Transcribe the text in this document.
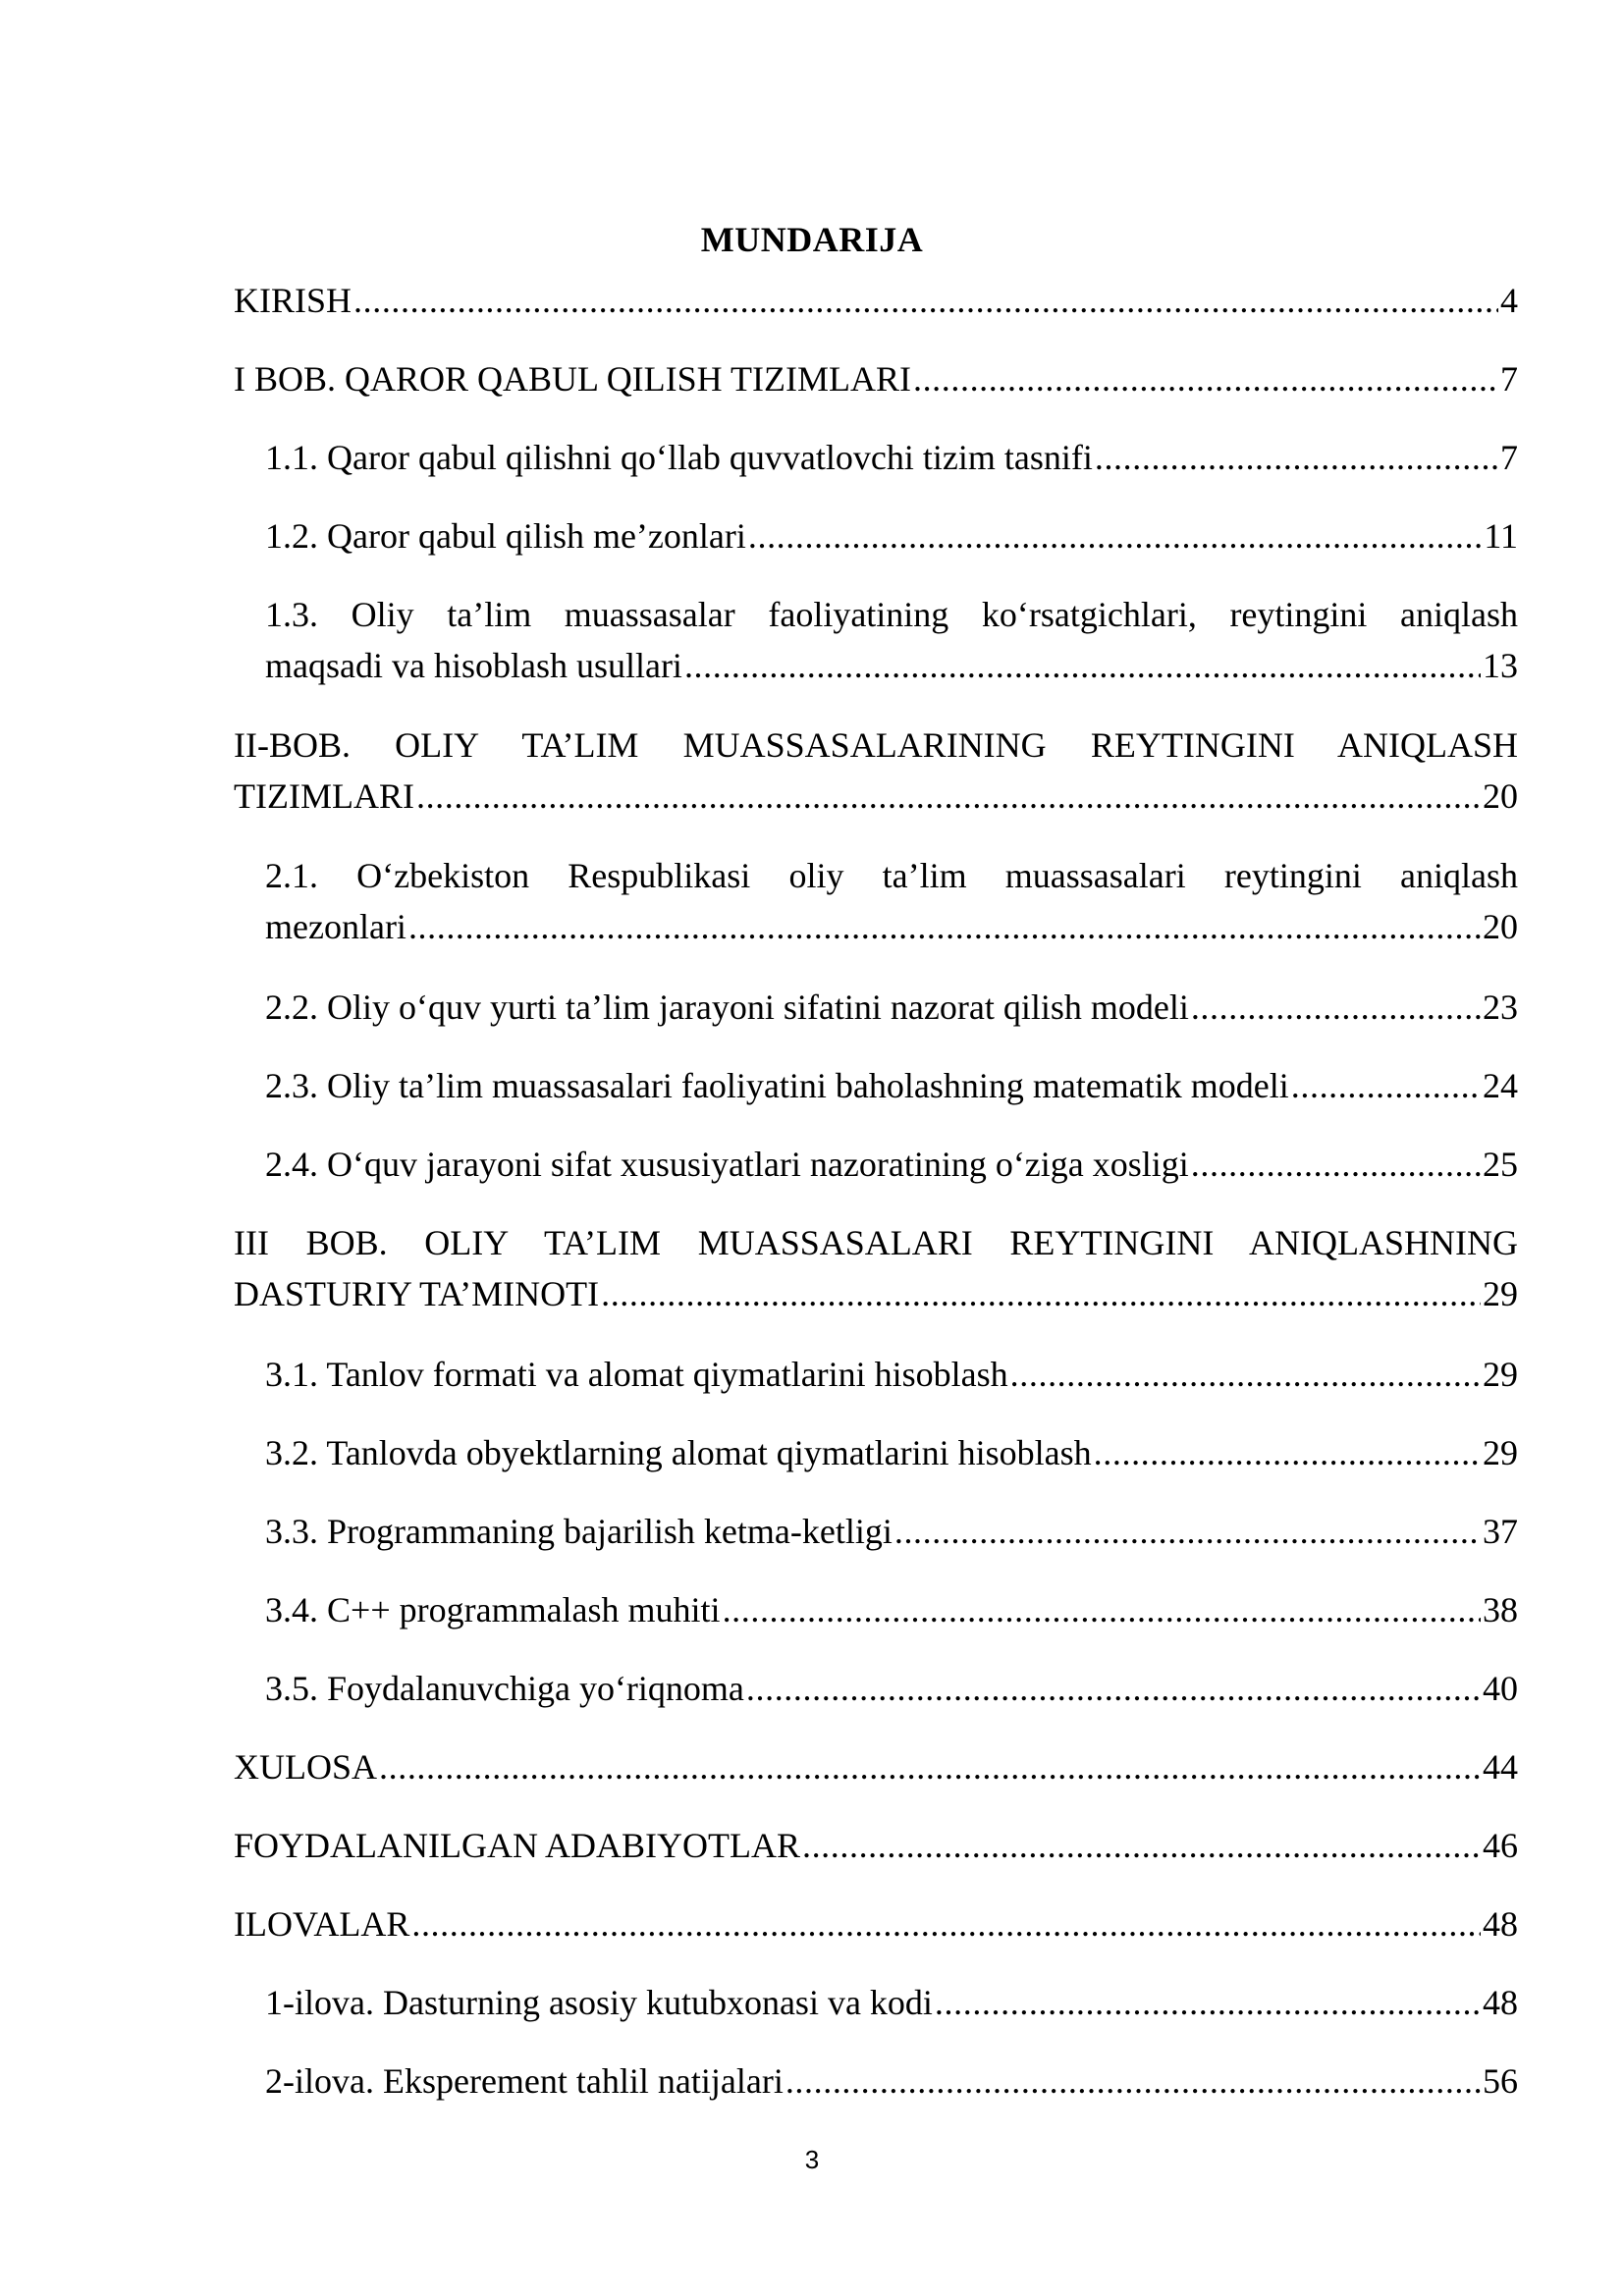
MUNDARIJA
KIRISH .....	4
I BOB. QAROR QABUL QILISH TIZIMLARI .....	7
1.1. Qaror qabul qilishni qo‘llab quvvatlovchi tizim tasnifi .....	7
1.2. Qaror qabul qilish me’zonlari .....	11
1.3. Oliy ta’lim muassasalar faoliyatining ko‘rsatgichlari, reytingini aniqlash
maqsadi va hisoblash usullari .....	13
II-BOB. OLIY TA’LIM MUASSASALARINING REYTINGINI ANIQLASH
TIZIMLARI .....	20
2.1. O‘zbekiston Respublikasi oliy ta’lim muassasalari reytingini aniqlash
mezonlari .....	20
2.2. Oliy o‘quv yurti ta’lim jarayoni sifatini nazorat qilish modeli .....	23
2.3. Oliy ta’lim muassasalari faoliyatini baholashning matematik modeli .....	24
2.4. O‘quv jarayoni sifat xususiyatlari nazoratining o‘ziga xosligi .....	25
III BOB. OLIY TA’LIM MUASSASALARI REYTINGINI ANIQLASHNING
DASTURIY TA’MINOTI .....	29
3.1. Tanlov formati va alomat qiymatlarini hisoblash .....	29
3.2. Tanlovda obyektlarning alomat qiymatlarini hisoblash .....	29
3.3. Programmaning bajarilish ketma-ketligi .....	37
3.4. C++ programmalash muhiti .....	38
3.5. Foydalanuvchiga yo‘riqnoma .....	40
XULOSA .....	44
FOYDALANILGAN ADABIYOTLAR .....	46
ILOVALAR .....	48
1-ilova. Dasturning asosiy kutubxonasi va kodi .....	48
2-ilova. Eksperement tahlil natijalari .....	56
3
